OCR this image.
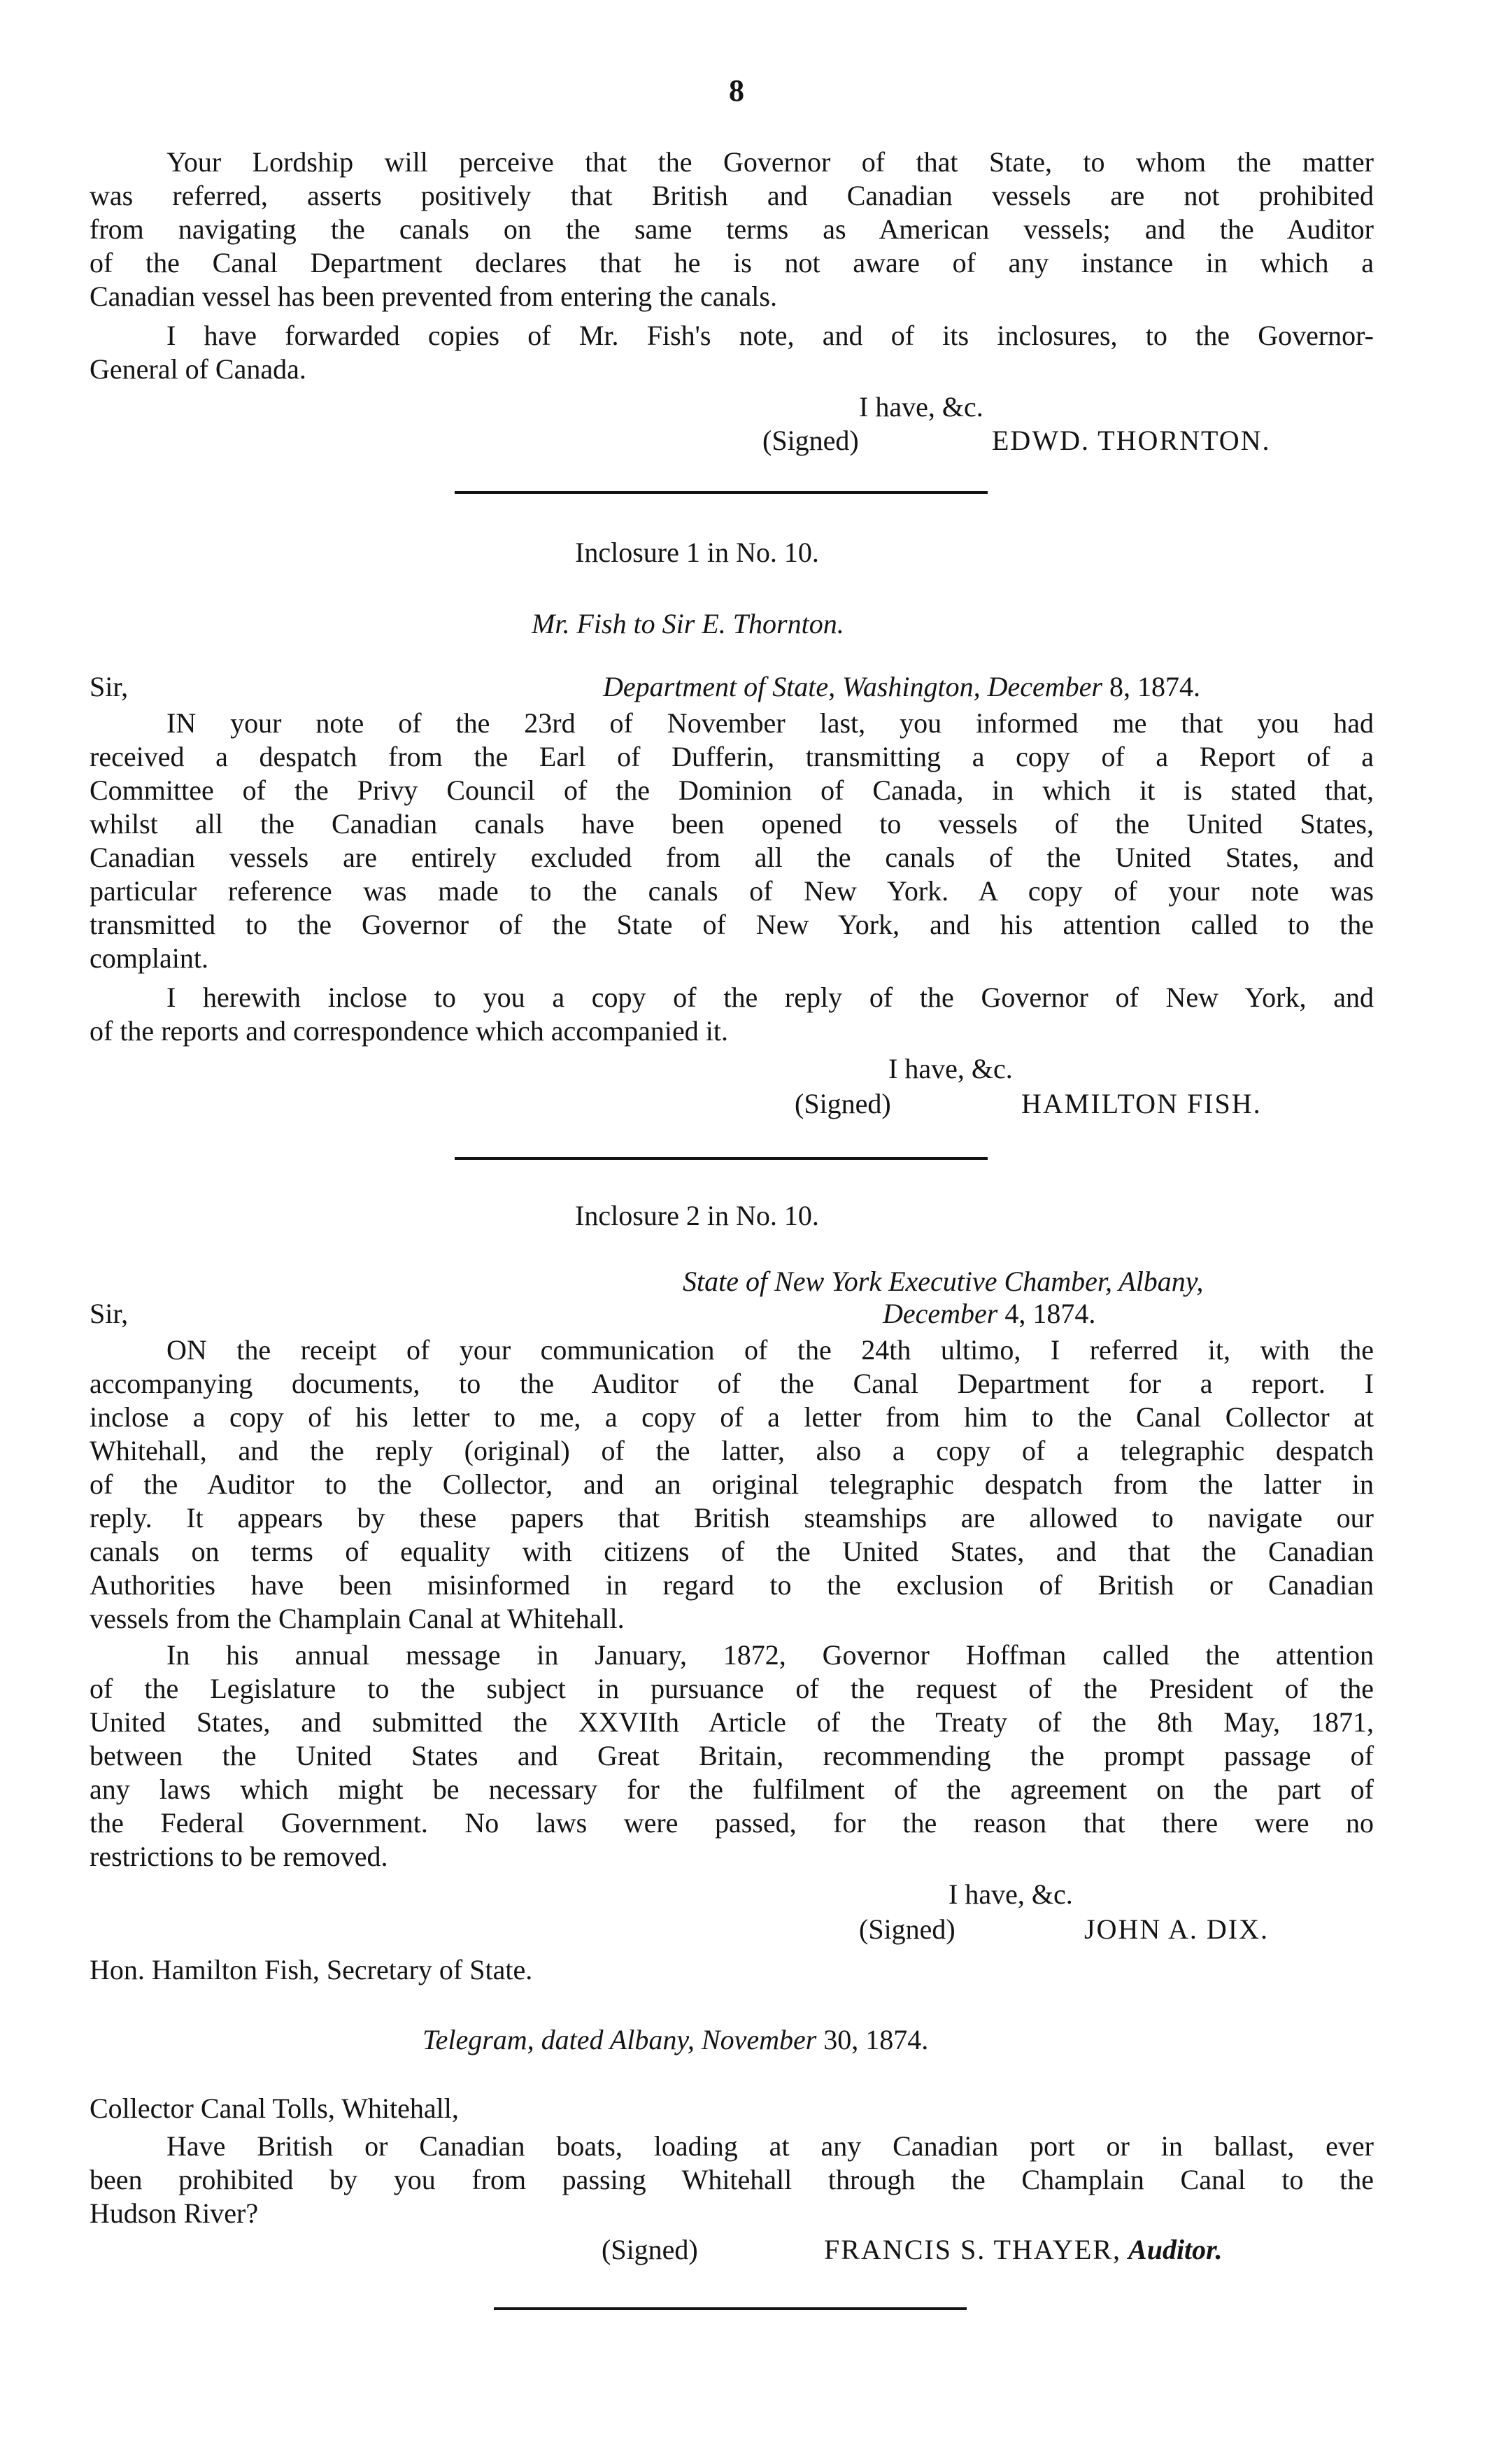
8
Your Lordship will perceive that the Governor of that State, to whom the matter
was referred, asserts positively that British and Canadian vessels are not prohibited
from navigating the canals on the same terms as American vessels; and the Auditor
of the Canal Department declares that he is not aware of any instance in which a
Canadian vessel has been prevented from entering the canals.
I have forwarded copies of Mr. Fish's note, and of its inclosures, to the Governor-
General of Canada.
I have, &c.
(Signed)	EDWD. THORNTON.
Inclosure 1 in No. 10.
Mr. Fish to Sir E. Thornton.
Sir,	Department of State, Washington, December 8, 1874.
IN your note of the 23rd of November last, you informed me that you had
received a despatch from the Earl of Dufferin, transmitting a copy of a Report of a
Committee of the Privy Council of the Dominion of Canada, in which it is stated that,
whilst all the Canadian canals have been opened to vessels of the United States,
Canadian vessels are entirely excluded from all the canals of the United States, and
particular reference was made to the canals of New York. A copy of your note was
transmitted to the Governor of the State of New York, and his attention called to the
complaint.
I herewith inclose to you a copy of the reply of the Governor of New York, and
of the reports and correspondence which accompanied it.
I have, &c.
(Signed)	HAMILTON FISH.
Inclosure 2 in No. 10.
State of New York Executive Chamber, Albany,
Sir,	December 4, 1874.
ON the receipt of your communication of the 24th ultimo, I referred it, with the
accompanying documents, to the Auditor of the Canal Department for a report. I
inclose a copy of his letter to me, a copy of a letter from him to the Canal Collector at
Whitehall, and the reply (original) of the latter, also a copy of a telegraphic despatch
of the Auditor to the Collector, and an original telegraphic despatch from the latter in
reply. It appears by these papers that British steamships are allowed to navigate our
canals on terms of equality with citizens of the United States, and that the Canadian
Authorities have been misinformed in regard to the exclusion of British or Canadian
vessels from the Champlain Canal at Whitehall.
In his annual message in January, 1872, Governor Hoffman called the attention
of the Legislature to the subject in pursuance of the request of the President of the
United States, and submitted the XXVIIth Article of the Treaty of the 8th May, 1871,
between the United States and Great Britain, recommending the prompt passage of
any laws which might be necessary for the fulfilment of the agreement on the part of
the Federal Government. No laws were passed, for the reason that there were no
restrictions to be removed.
I have, &c.
(Signed)	JOHN A. DIX.
Hon. Hamilton Fish, Secretary of State.
Telegram, dated Albany, November 30, 1874.
Collector Canal Tolls, Whitehall,
Have British or Canadian boats, loading at any Canadian port or in ballast, ever
been prohibited by you from passing Whitehall through the Champlain Canal to the
Hudson River?
(Signed)	FRANCIS S. THAYER, Auditor.
